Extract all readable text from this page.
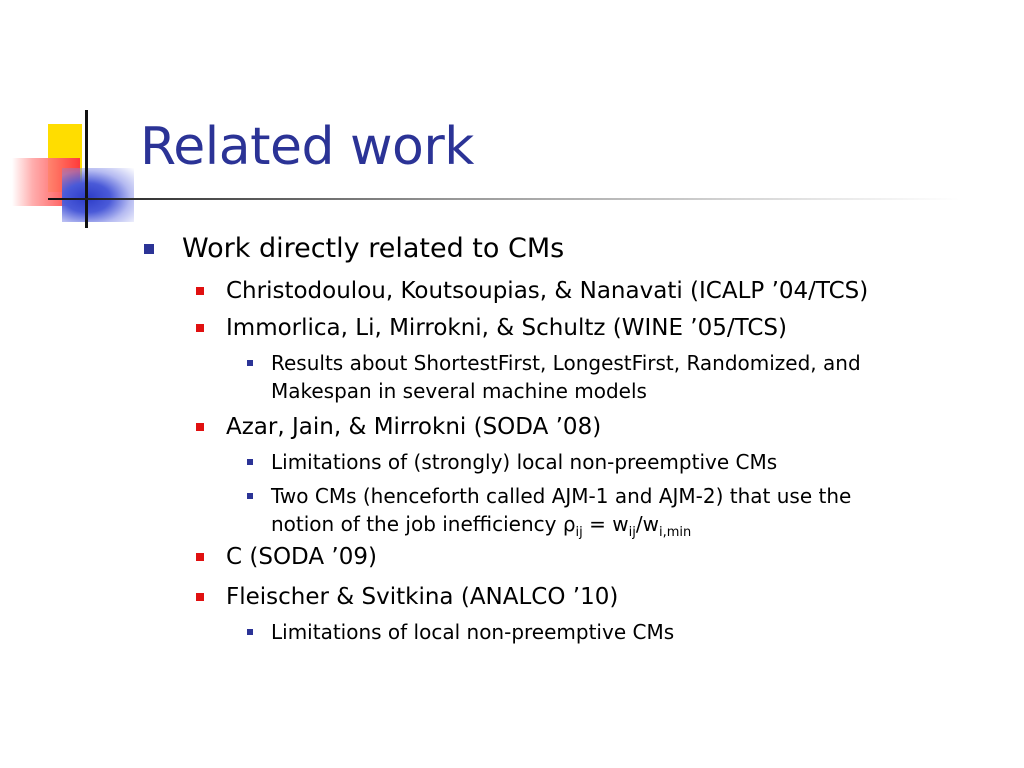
Related work
Work directly related to CMs
Christodoulou, Koutsoupias, & Nanavati (ICALP ’04/TCS)
Immorlica, Li, Mirrokni, & Schultz (WINE ’05/TCS)
Results about ShortestFirst, LongestFirst, Randomized, and
Makespan in several machine models
Azar, Jain, & Mirrokni (SODA ’08)
Limitations of (strongly) local non-preemptive CMs
Two CMs (henceforth called AJM-1 and AJM-2) that use the
notion of the job inefficiency $\rho_{ij} = w_{ij}/w_{i,min}$
C (SODA ’09)
Fleischer & Svitkina (ANALCO ’10)
Limitations of local non-preemptive CMs
